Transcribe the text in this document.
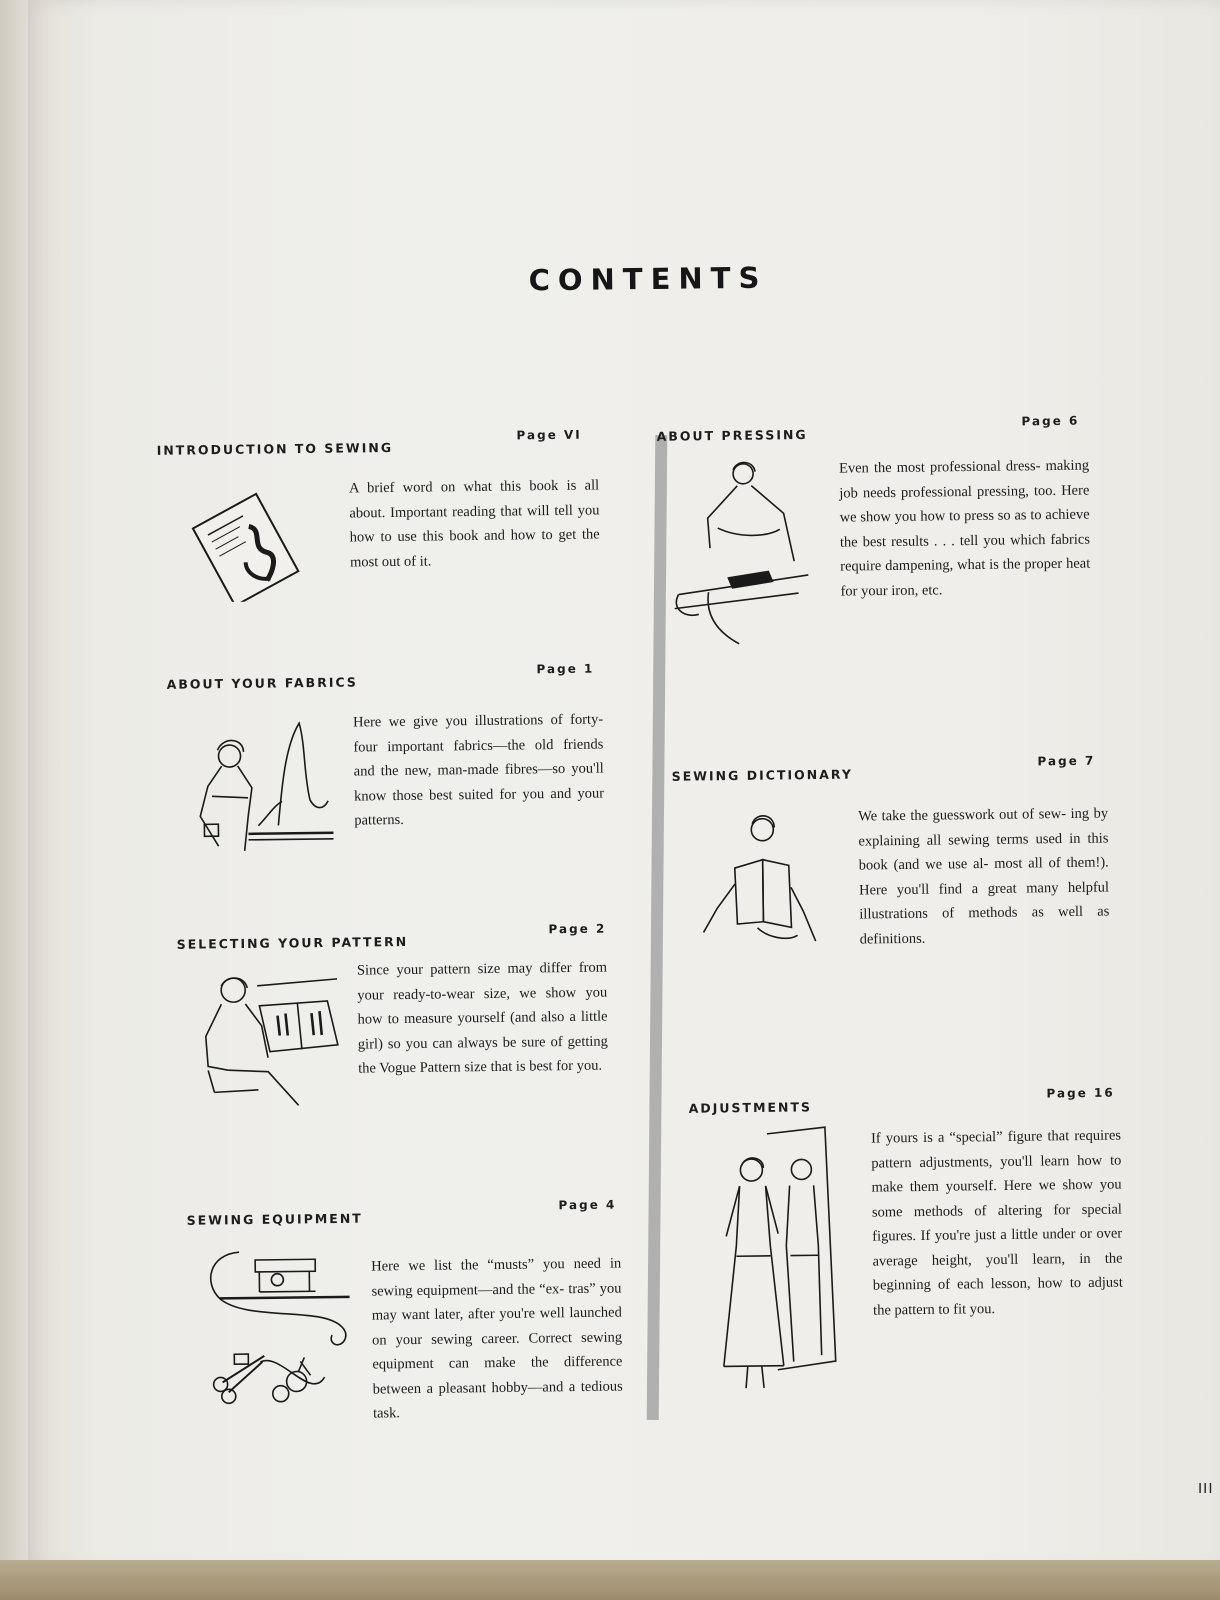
CONTENTS
INTRODUCTION TO SEWING
Page VI
A brief word on what this book is all about. Important reading that will tell you how to use this book and how to get the most out of it.
ABOUT YOUR FABRICS
Page 1
Here we give you illustrations of forty-four important fabrics—the old friends and the new, man-made fibres—so you'll know those best suited for you and your patterns.
SELECTING YOUR PATTERN
Page 2
Since your pattern size may differ from your ready-to-wear size, we show you how to measure yourself (and also a little girl) so you can always be sure of getting the Vogue Pattern size that is best for you.
SEWING EQUIPMENT
Page 4
Here we list the “musts” you need in sewing equipment—and the “ex- tras” you may want later, after you're well launched on your sewing career. Correct sewing equipment can make the difference between a pleasant hobby—and a tedious task.
ABOUT PRESSING
Page 6
Even the most professional dress- making job needs professional pressing, too. Here we show you how to press so as to achieve the best results . . . tell you which fabrics require dampening, what is the proper heat for your iron, etc.
SEWING DICTIONARY
Page 7
We take the guesswork out of sew- ing by explaining all sewing terms used in this book (and we use al- most all of them!). Here you'll find a great many helpful illustrations of methods as well as definitions.
ADJUSTMENTS
Page 16
If yours is a “special” figure that requires pattern adjustments, you'll learn how to make them yourself. Here we show you some methods of altering for special figures. If you're just a little under or over average height, you'll learn, in the beginning of each lesson, how to adjust the pattern to fit you.
III
